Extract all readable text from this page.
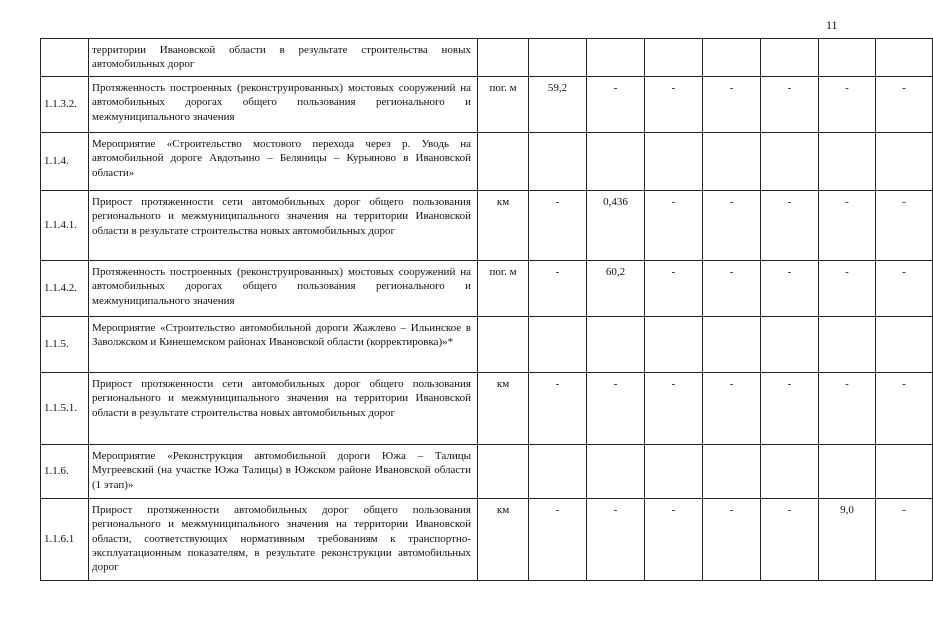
11
	территории Ивановской области в результате строительства новых автомобильных дорог								
1.1.3.2.	Протяженность построенных (реконструированных) мостовых сооружений на автомобильных дорогах общего пользования регионального и межмуниципального значения	пог. м	59,2	-	-	-	-	-	-
1.1.4.	Мероприятие «Строительство мостового перехода через р. Уводь на автомобильной дороге Авдотьино – Беляницы – Курьяново в Ивановской области»								
1.1.4.1.	Прирост протяженности сети автомобильных дорог общего пользования регионального и межмуниципального значения на территории Ивановской области в результате строительства новых автомобильных дорог	км	-	0,436	-	-	-	-	-
1.1.4.2.	Протяженность построенных (реконструированных) мостовых сооружений на автомобильных дорогах общего пользования регионального и межмуниципального значения	пог. м	-	60,2	-	-	-	-	-
1.1.5.	Мероприятие «Строительство автомобильной дороги Жажлево – Ильинское в Заволжском и Кинешемском районах Ивановской области (корректировка)»*								
1.1.5.1.	Прирост протяженности сети автомобильных дорог общего пользования регионального и межмуниципального значения на территории Ивановской области в результате строительства новых автомобильных дорог	км	-	-	-	-	-	-	-
1.1.6.	Мероприятие «Реконструкция автомобильной дороги Южа – Талицы Мугреевский (на участке Южа Талицы) в Южском районе Ивановской области (1 этап)»								
1.1.6.1	Прирост протяженности автомобильных дорог общего пользования регионального и межмуниципального значения на территории Ивановской области, соответствующих нормативным требованиям к транспортно-эксплуатационным показателям, в результате реконструкции автомобильных дорог	км	-	-	-	-	-	9,0	-
